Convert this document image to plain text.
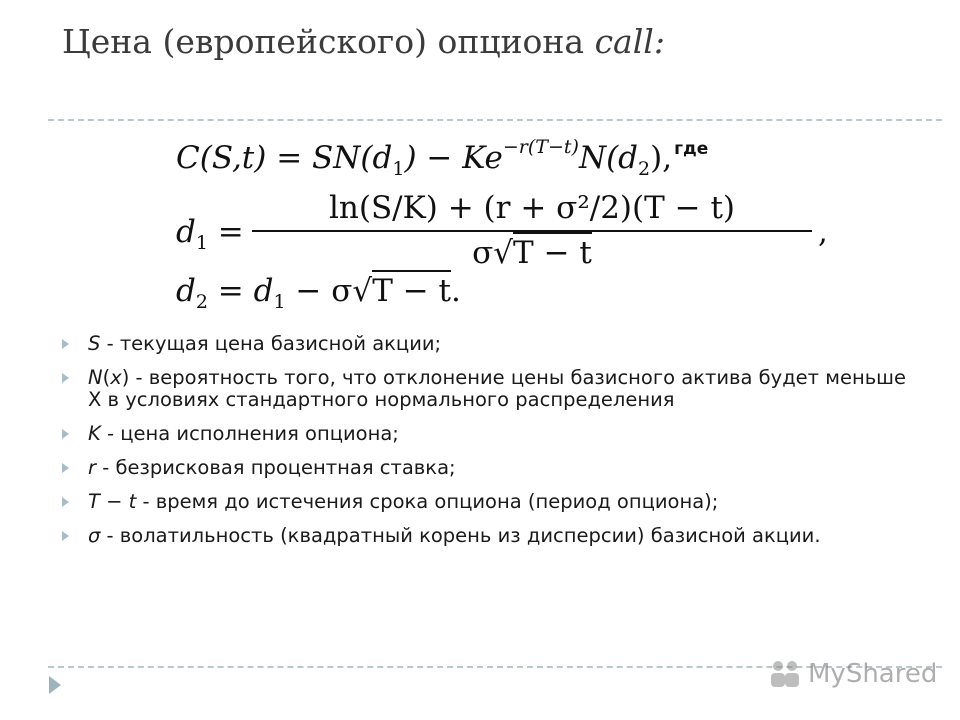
Цена (европейского) опциона call:
$C(S,t) = SN(d_1) - Ke^{-r(T-t)}N(d_2)$, $^{где}$
$d_1$ =
ln(S/K) + (r + σ²/2)(T − t)
σ√T − t
,
$d_2 = d_1 - \sigma√T - t$.
S - текущая цена базисной акции;
N(x) - вероятность того, что отклонение цены базисного актива будет меньше X в условиях стандартного нормального распределения
K - цена исполнения опциона;
r - безрисковая процентная ставка;
T − t - время до истечения срока опциона (период опциона);
σ - волатильность (квадратный корень из дисперсии) базисной акции.
MyShared
